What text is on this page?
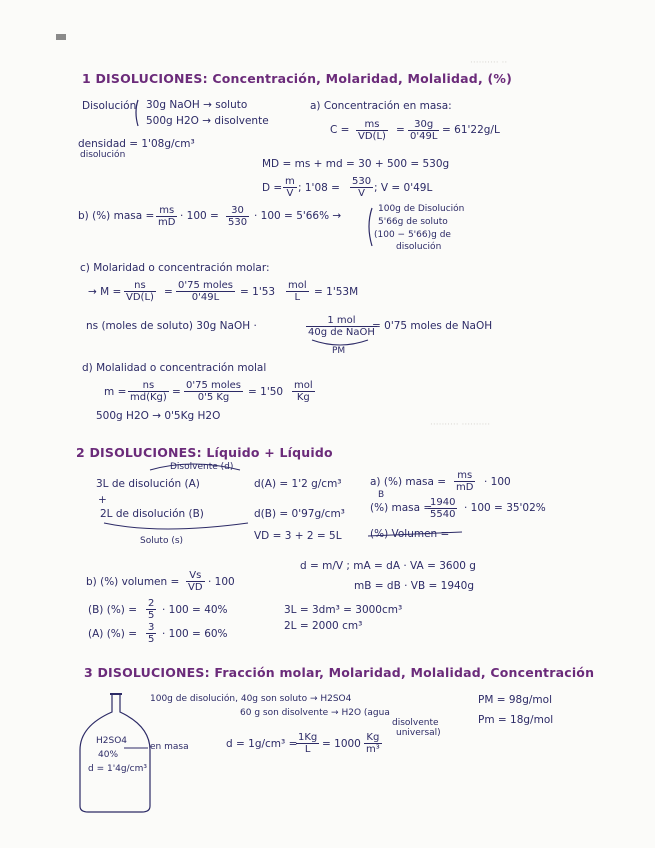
·········· ··
·········· ··········
1 DISOLUCIONES: Concentración, Molaridad, Molalidad, (%)
Disolución 30g NaOH → soluto
500g H2O → disolvente
densidad = 1'08g/cm³
disolución
a) Concentración en masa:
$C = \frac{ms}{VD(L)} = \frac{30g}{0'49L} = 61'22g/L$
MD = ms + md = 30 + 500 = 530g
$D = \frac{m}{V}$ ; $1'08 = \frac{530}{V}$ ; V = 0'49L
b) (%) masa = $\frac{ms}{mD} \cdot 100 = \frac{30}{530} \cdot 100 = 5'66\%$ →
100g de Disolución
5'66g de soluto
(100 − 5'66)g de
disolución
c) Molaridad o concentración molar:
→ $M = \frac{ns}{VD(L)}$ =
0'75 moles
0'49L	= 1'53
mol
L	= 1'53M
ns (moles de soluto) 30g NaOH ·	1 mol
40g de NaOH
PM
= 0'75 moles de NaOH
d) Molalidad o concentración molal
$m = \frac{ns}{md(Kg)}$ =
0'75 moles
0'5 Kg	= 1'50
mol
Kg
500g H2O → 0'5Kg H2O
2 DISOLUCIONES: Líquido + Líquido
Disolvente (d)
3L de disolución (A)	d(A) = 1'2 g/cm³
+
2L de disolución (B)	d(B) = 0'97g/cm³
Soluto (s)	VD = 3 + 2 = 5L
a) (%) masa = $\frac{ms}{mD} \cdot 100$
B
(%) masa =
$\frac{1940}{5540} \cdot 100 = 35'02\%$
(%) Volumen =
d = m/V ; mA = dA · VA = 3600 g
mB = dB · VB = 1940g
b) (%) volumen = $\frac{Vs}{VD} \cdot 100$
(B) (%) = $\frac{2}{5} \cdot 100 = 40\%$
(A) (%) = $\frac{3}{5} \cdot 100 = 60\%$
3L = 3dm³ = 3000cm³
2L = 2000 cm³
3 DISOLUCIONES: Fracción molar, Molaridad, Molalidad, Concentración
100g de disolución, 40g son soluto → H2SO4
60 g son disolvente → H2O (agua
disolvente
universal)
PM = 98g/mol
Pm = 18g/mol
H2SO4
40%
d = 1'4g/cm³
en masa	d = 1g/cm³ =
$\frac{1Kg}{L} = 1000 \frac{Kg}{\text{m³}}$
